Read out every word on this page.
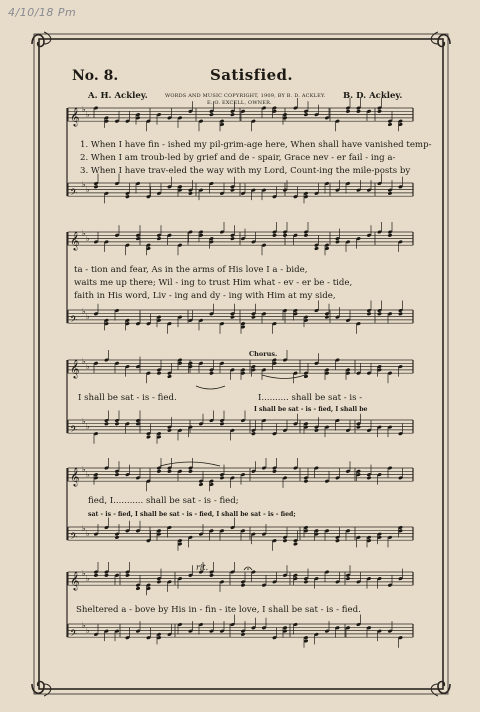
4/10/18 Pm
No. 8.	Satisfied.
A. H. Ackley.	B. D. Ackley.
WORDS AND MUSIC COPYRIGHT, 1909, BY B. D. ACKLEY.
E. O. EXCELL, OWNER.
𝄞 ♭
♭
𝄢
♭
♭
𝄞 ♭
♭
𝄢
♭
♭
𝄞 ♭
♭
𝄢
♭
♭
𝄞 ♭
♭
𝄢
♭
♭
𝄞 ♭
♭
𝄢
♭
♭
1. When I have fin - ished my pil-grim-age here, When shall have vanished temp-
2. When I am troub-led by grief and de - spair, Grace nev - er fail - ing a-
3. When I have trav-eled the way with my Lord, Count-ing the mile-posts by
ta - tion and fear, As in the arms of His love I a - bide,
waits me up there; Wil - ing to trust Him what - ev - er be - tide,
faith in His word, Liv - ing and dy - ing with Him at my side,
Chorus.
I shall be sat - is - fied.	I.......... shall be sat - is -
I shall be sat - is - fied, I shall be
fied, I........... shall be sat - is - fied;
sat - is - fied, I shall be sat - is - fied, I shall be sat - is - fied;
rit.
Sheltered a - bove by His in - fin - ite love, I shall be sat - is - fied.
